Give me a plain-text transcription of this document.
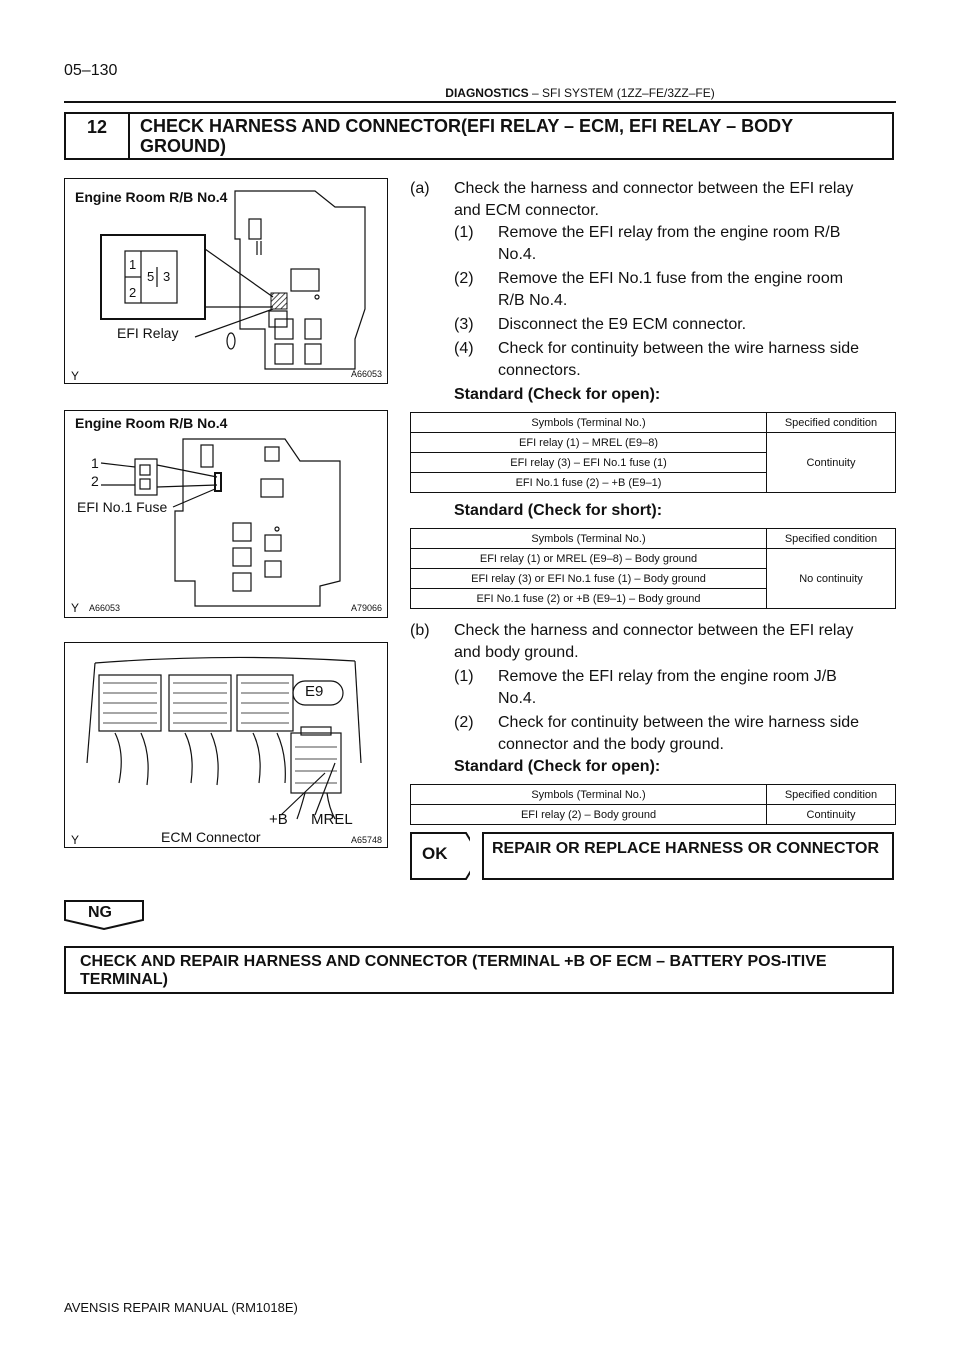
05–130
DIAGNOSTICS – SFI SYSTEM (1ZZ–FE/3ZZ–FE)
12	CHECK HARNESS AND CONNECTOR(EFI RELAY – ECM, EFI RELAY – BODY GROUND)
Engine Room R/B No.4
1
5 3
2
EFI Relay
Y	A66053
Engine Room R/B No.4
1
2
EFI No.1 Fuse
Y A66053	A79066
E9
+B MREL
ECM Connector
Y	A65748
(a) Check the harness and connector between the EFI relay
and ECM connector.
(1) Remove the EFI relay from the engine room R/B
No.4.
(2) Remove the EFI No.1 fuse from the engine room
R/B No.4.
(3) Disconnect the E9 ECM connector.
(4) Check for continuity between the wire harness side
connectors.
Standard (Check for open):
Symbols (Terminal No.)	Specified condition
EFI relay (1) – MREL (E9–8)	Continuity
EFI relay (3) – EFI No.1 fuse (1)	
EFI No.1 fuse (2) – +B (E9–1)	
Standard (Check for short):
Symbols (Terminal No.)	Specified condition
EFI relay (1) or MREL (E9–8) – Body ground	No continuity
EFI relay (3) or EFI No.1 fuse (1) – Body ground	
EFI No.1 fuse (2) or +B (E9–1) – Body ground	
(b) Check the harness and connector between the EFI relay
and body ground.
(1) Remove the EFI relay from the engine room J/B
No.4.
(2) Check for continuity between the wire harness side
connector and the body ground.
Standard (Check for open):
Symbols (Terminal No.)	Specified condition
EFI relay (2) – Body ground	Continuity
OK	REPAIR OR REPLACE HARNESS OR CONNECTOR
NG
CHECK AND REPAIR HARNESS AND CONNECTOR (TERMINAL +B OF ECM – BATTERY POS-ITIVE TERMINAL)
AVENSIS REPAIR MANUAL (RM1018E)
